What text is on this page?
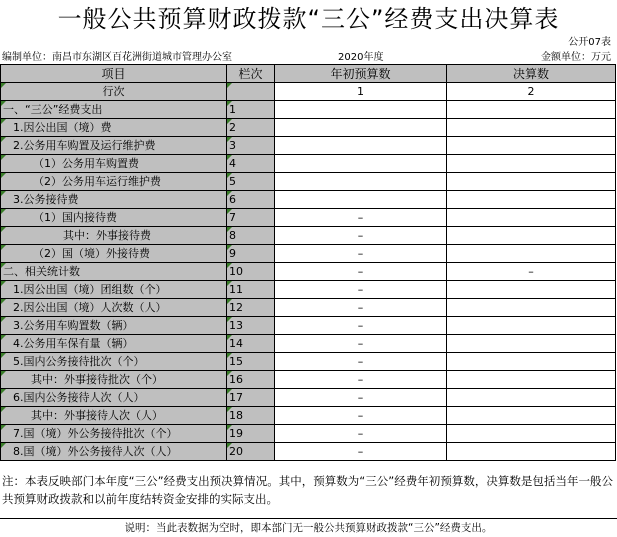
一般公共预算财政拨款“三公”经费支出决算表
公开07表
编制单位：南昌市东湖区百花洲街道城市管理办公室	2020年度	金额单位：万元
项目	栏次	年初预算数	决算数
行次		1	2
一、“三公”经费支出	1		
1.因公出国（境）费	2		
2.公务用车购置及运行维护费	3		
（1）公务用车购置费	4		
（2）公务用车运行维护费	5		
3.公务接待费	6		
（1）国内接待费	7	–	
其中：外事接待费	8	–	
（2）国（境）外接待费	9	–	
二、相关统计数	10	–	–
1.因公出国（境）团组数（个）	11	–	
2.因公出国（境）人次数（人）	12	–	
3.公务用车购置数（辆）	13	–	
4.公务用车保有量（辆）	14	–	
5.国内公务接待批次（个）	15	–	
其中：外事接待批次（个）	16	–	
6.国内公务接待人次（人）	17	–	
其中：外事接待人次（人）	18	–	
7.国（境）外公务接待批次（个）	19	–	
8.国（境）外公务接待人次（人）	20	–	
注：本表反映部门本年度“三公”经费支出预决算情况。其中，预算数为“三公”经费年初预算数，决算数是包括当年一般公共预算财政拨款和以前年度结转资金安排的实际支出。
说明：当此表数据为空时，即本部门无一般公共预算财政拨款“三公”经费支出。
